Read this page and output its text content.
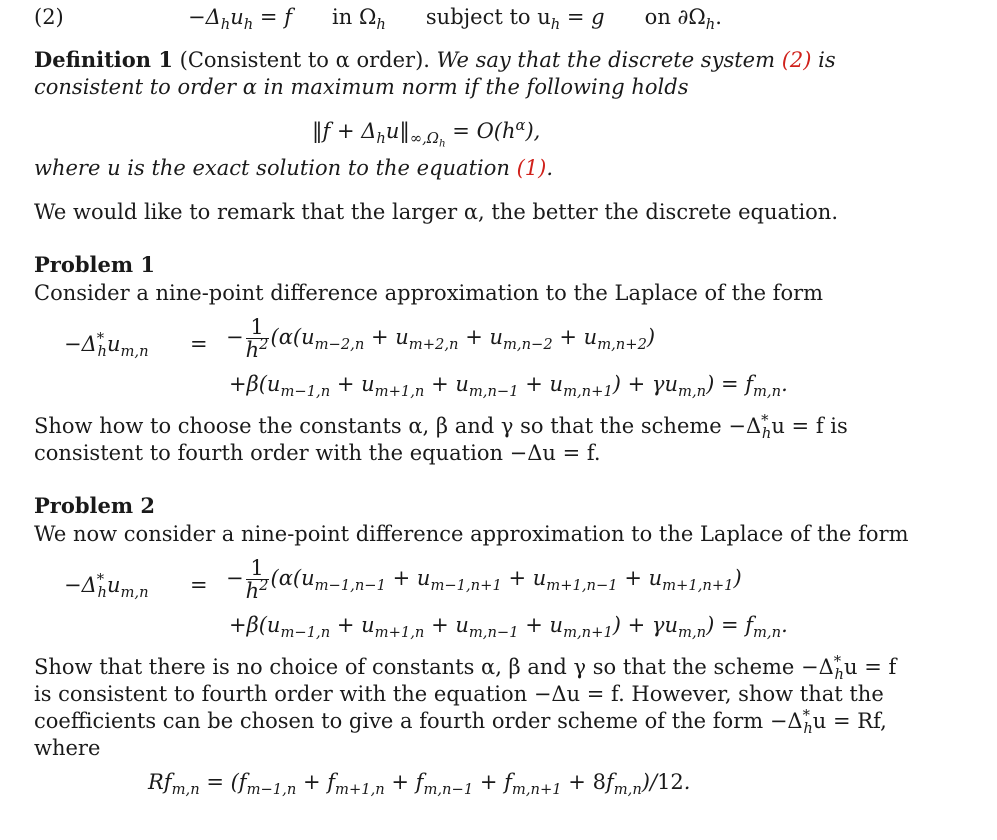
(2)	$-\Delta_hu_h = f$ in $\Omega_h$ subject to $u_h = g$ on $\partial\Omega_h$.
Definition 1 (Consistent to α order). We say that the discrete system (2) is
consistent to order α in maximum norm if the following holds
‖f + $\Delta_hu‖_{\infty,\Omega_h} = O(h^\alpha)$,
where u is the exact solution to the equation (1).
We would like to remark that the larger α, the better the discrete equation.
Problem 1
Consider a nine-point difference approximation to the Laplace of the form
$-\Delta^*_hu_{m,n}$ = − $\frac{1}{h^2} (\alpha(u_{m-2,n} + u_{m+2,n} + u_{m,n-2} + u_{m,n+2})$
$+\beta(u_{m-1,n} + u_{m+1,n} + u_{m,n-1} + u_{m,n+1}) + \gamma u_{m,n}) = f_{m,n}$.
Show how to choose the constants α, β and γ so that the scheme $-\Delta^*_hu = f$ is
consistent to fourth order with the equation −Δu = f.
Problem 2
We now consider a nine-point difference approximation to the Laplace of the form
$-\Delta^*_hu_{m,n}$ = − $\frac{1}{h^2} (\alpha(u_{m-1,n-1} + u_{m-1,n+1} + u_{m+1,n-1} + u_{m+1,n+1})$
$+\beta(u_{m-1,n} + u_{m+1,n} + u_{m,n-1} + u_{m,n+1}) + \gamma u_{m,n}) = f_{m,n}$.
Show that there is no choice of constants α, β and γ so that the scheme $-\Delta^*_hu = f$
is consistent to fourth order with the equation −Δu = f. However, show that the
coefficients can be chosen to give a fourth order scheme of the form $-\Delta^*_hu = Rf$,
where
$Rf_{m,n} = (f_{m-1,n} + f_{m+1,n} + f_{m,n-1} + f_{m,n+1} + 8f_{m,n})/12$.
